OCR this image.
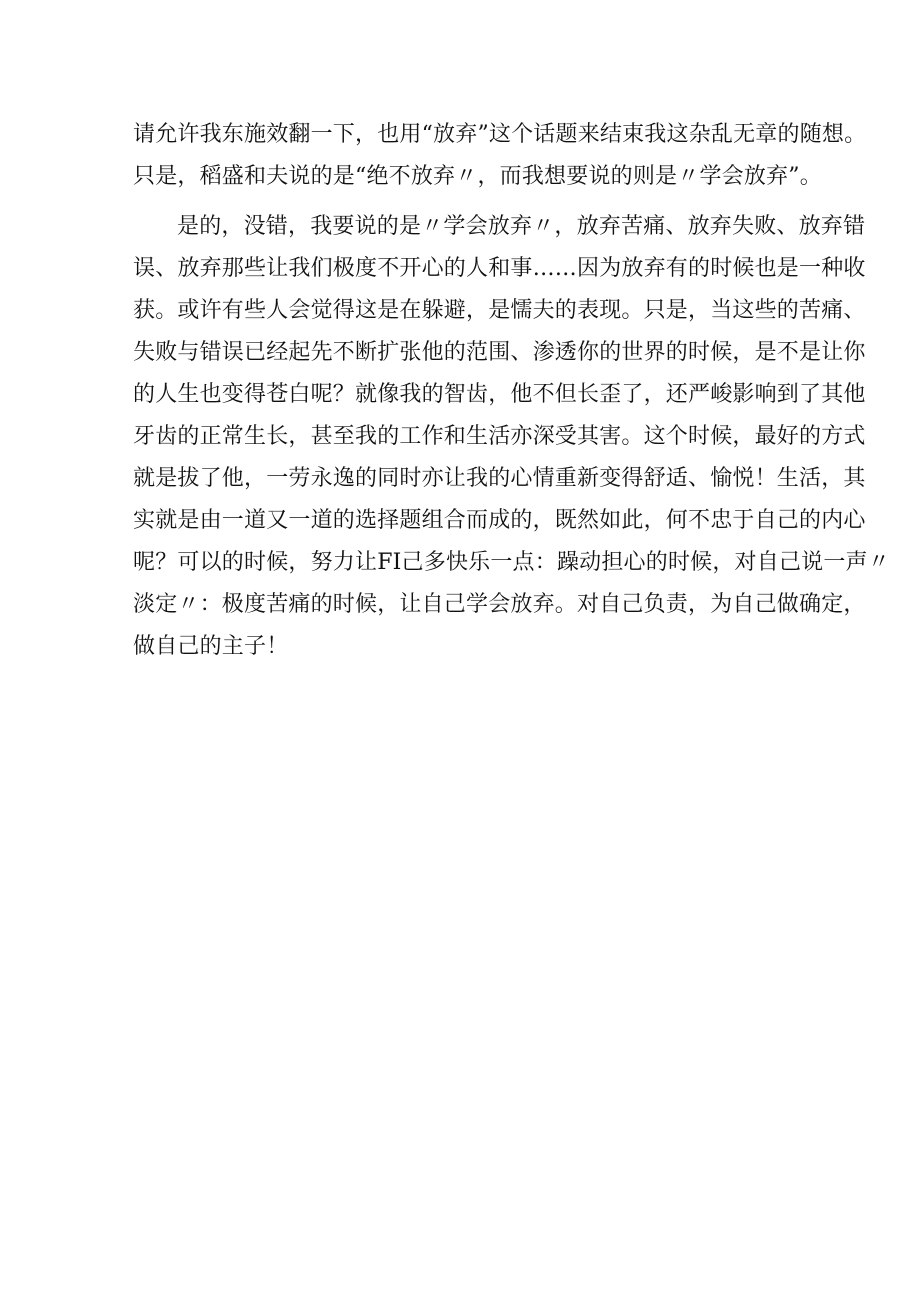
请允许我东施效翻一下，也用“放弃”这个话题来结束我这杂乱无章的随想。
只是，稻盛和夫说的是“绝不放弃〃，而我想要说的则是〃学会放弃”。
是的，没错，我要说的是〃学会放弃〃，放弃苦痛、放弃失败、放弃错
误、放弃那些让我们极度不开心的人和事……因为放弃有的时候也是一种收
获。或许有些人会觉得这是在躲避，是懦夫的表现。只是，当这些的苦痛、
失败与错误已经起先不断扩张他的范围、渗透你的世界的时候，是不是让你
的人生也变得苍白呢？就像我的智齿，他不但长歪了，还严峻影响到了其他
牙齿的正常生长，甚至我的工作和生活亦深受其害。这个时候，最好的方式
就是拔了他，一劳永逸的同时亦让我的心情重新变得舒适、愉悦！生活，其
实就是由一道又一道的选择题组合而成的，既然如此，何不忠于自己的内心
呢？可以的时候，努力让FI己多快乐一点：躁动担心的时候，对自己说一声〃
淡定〃：极度苦痛的时候，让自己学会放弃。对自己负责，为自己做确定，
做自己的主子！
